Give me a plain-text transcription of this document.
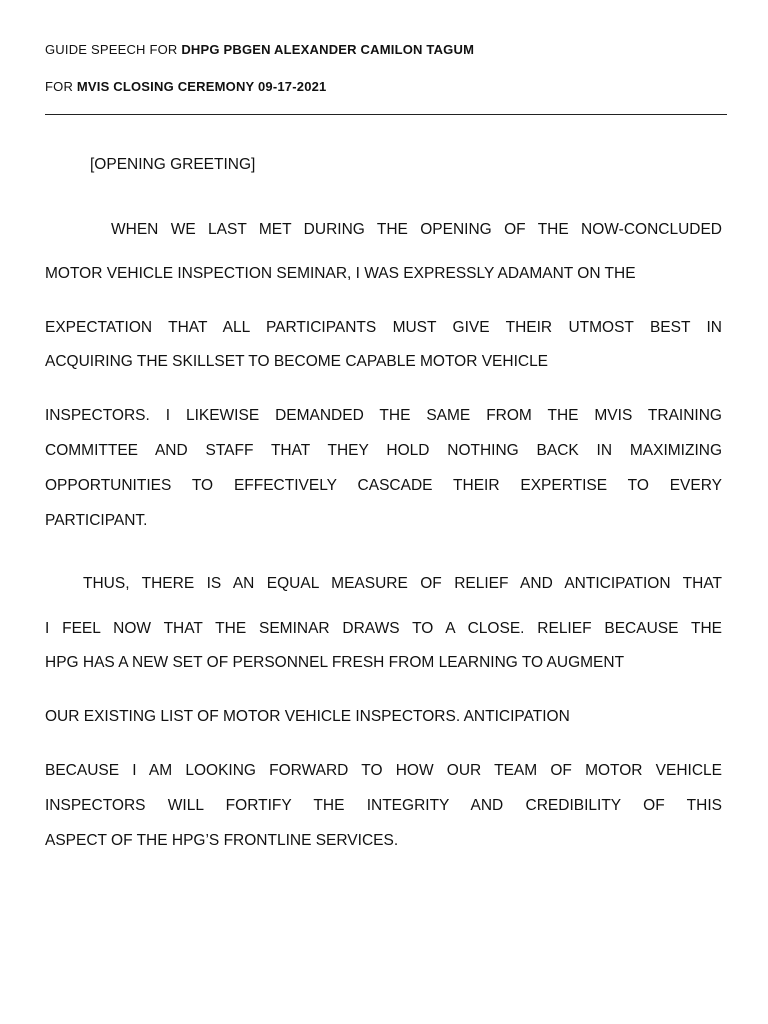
GUIDE SPEECH FOR DHPG PBGEN ALEXANDER CAMILON TAGUM
FOR MVIS CLOSING CEREMONY 09-17-2021
[OPENING GREETING]
WHEN WE LAST MET DURING THE OPENING OF THE NOW-CONCLUDED
MOTOR VEHICLE INSPECTION SEMINAR, I WAS EXPRESSLY ADAMANT ON THE
EXPECTATION THAT ALL PARTICIPANTS MUST GIVE THEIR UTMOST BEST IN
ACQUIRING THE SKILLSET TO BECOME CAPABLE MOTOR VEHICLE
INSPECTORS. I LIKEWISE DEMANDED THE SAME FROM THE MVIS TRAINING
COMMITTEE AND STAFF THAT THEY HOLD NOTHING BACK IN MAXIMIZING
OPPORTUNITIES TO EFFECTIVELY CASCADE THEIR EXPERTISE TO EVERY
PARTICIPANT.
THUS, THERE IS AN EQUAL MEASURE OF RELIEF AND ANTICIPATION THAT
I FEEL NOW THAT THE SEMINAR DRAWS TO A CLOSE. RELIEF BECAUSE THE
HPG HAS A NEW SET OF PERSONNEL FRESH FROM LEARNING TO AUGMENT
OUR EXISTING LIST OF MOTOR VEHICLE INSPECTORS. ANTICIPATION
BECAUSE I AM LOOKING FORWARD TO HOW OUR TEAM OF MOTOR VEHICLE
INSPECTORS WILL FORTIFY THE INTEGRITY AND CREDIBILITY OF THIS
ASPECT OF THE HPG’S FRONTLINE SERVICES.
